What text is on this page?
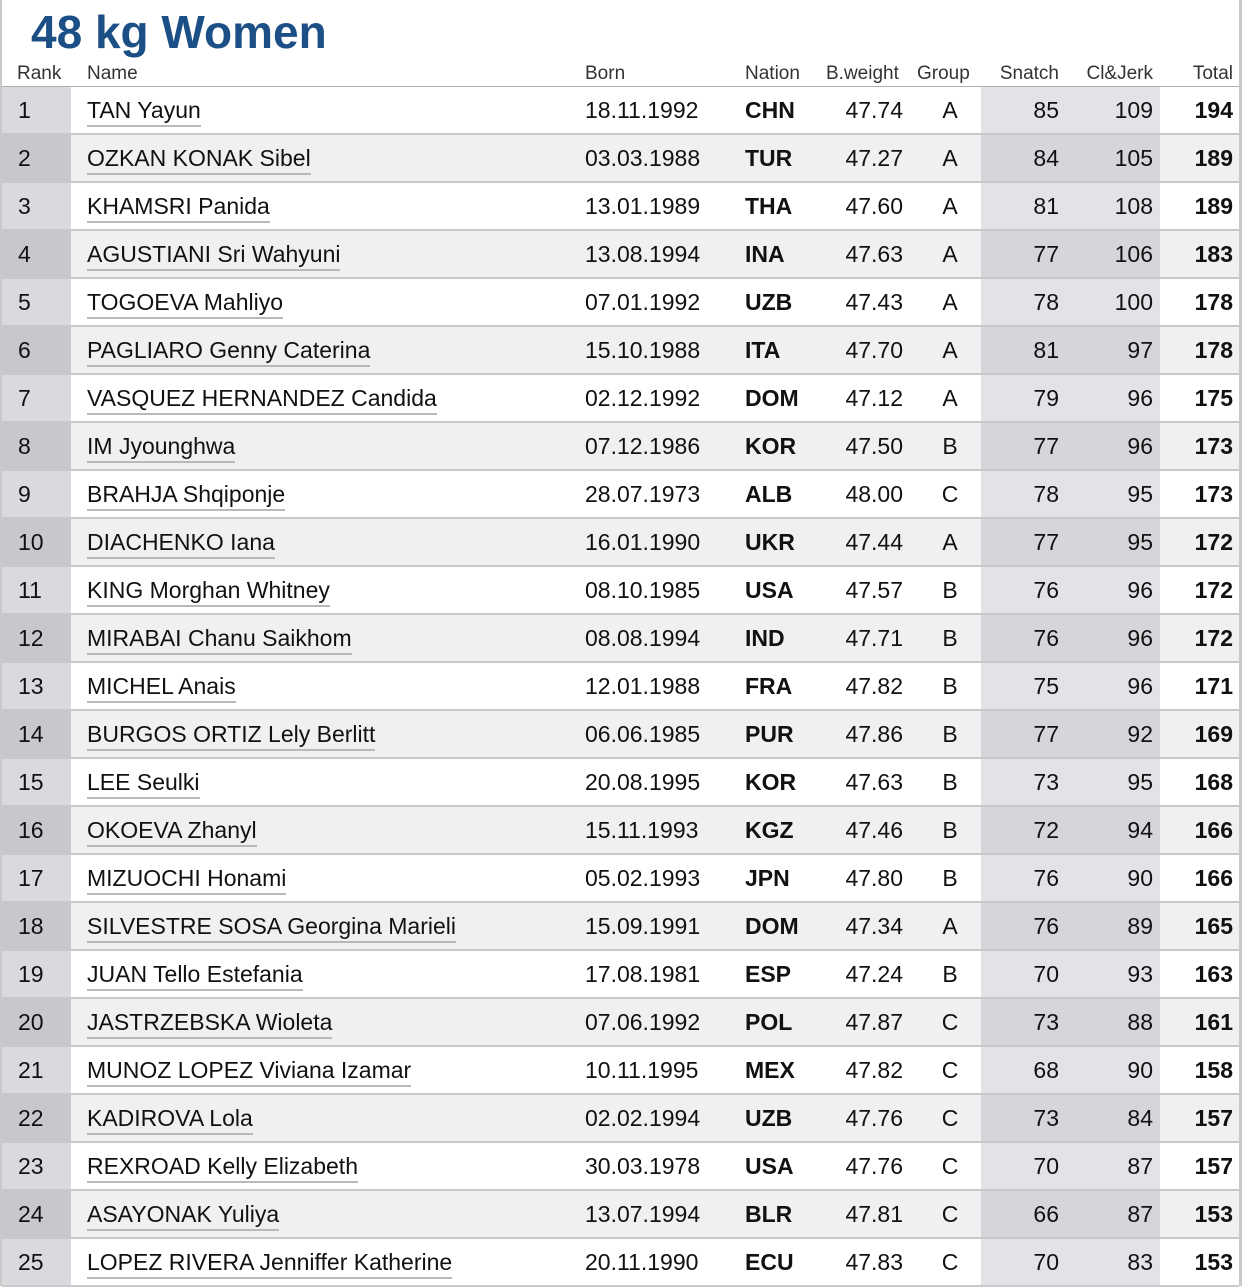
48 kg Women
Rank Name	Born	Nation B.weight Group	Snatch	Cl&Jerk	Total
1 TAN Yayun	18.11.1992 CHN	47.74	A	85	109	194
2 OZKAN KONAK Sibel	03.03.1988 TUR	47.27	A	84	105	189
3 KHAMSRI Panida	13.01.1989 THA	47.60	A	81	108	189
4 AGUSTIANI Sri Wahyuni	13.08.1994 INA	47.63	A	77	106	183
5 TOGOEVA Mahliyo	07.01.1992 UZB	47.43	A	78	100	178
6 PAGLIARO Genny Caterina	15.10.1988 ITA	47.70	A	81	97	178
7 VASQUEZ HERNANDEZ Candida	02.12.1992 DOM	47.12	A	79	96	175
8 IM Jyounghwa	07.12.1986 KOR	47.50	B	77	96	173
9 BRAHJA Shqiponje	28.07.1973 ALB	48.00	C	78	95	173
10 DIACHENKO Iana	16.01.1990 UKR	47.44	A	77	95	172
11 KING Morghan Whitney	08.10.1985 USA	47.57	B	76	96	172
12 MIRABAI Chanu Saikhom	08.08.1994 IND	47.71	B	76	96	172
13 MICHEL Anais	12.01.1988 FRA	47.82	B	75	96	171
14 BURGOS ORTIZ Lely Berlitt	06.06.1985 PUR	47.86	B	77	92	169
15 LEE Seulki	20.08.1995 KOR	47.63	B	73	95	168
16 OKOEVA Zhanyl	15.11.1993 KGZ	47.46	B	72	94	166
17 MIZUOCHI Honami	05.02.1993 JPN	47.80	B	76	90	166
18 SILVESTRE SOSA Georgina Marieli	15.09.1991 DOM	47.34	A	76	89	165
19 JUAN Tello Estefania	17.08.1981 ESP	47.24	B	70	93	163
20 JASTRZEBSKA Wioleta	07.06.1992 POL	47.87	C	73	88	161
21 MUNOZ LOPEZ Viviana Izamar	10.11.1995 MEX	47.82	C	68	90	158
22 KADIROVA Lola	02.02.1994 UZB	47.76	C	73	84	157
23 REXROAD Kelly Elizabeth	30.03.1978 USA	47.76	C	70	87	157
24 ASAYONAK Yuliya	13.07.1994 BLR	47.81	C	66	87	153
25 LOPEZ RIVERA Jenniffer Katherine	20.11.1990 ECU	47.83	C	70	83	153
